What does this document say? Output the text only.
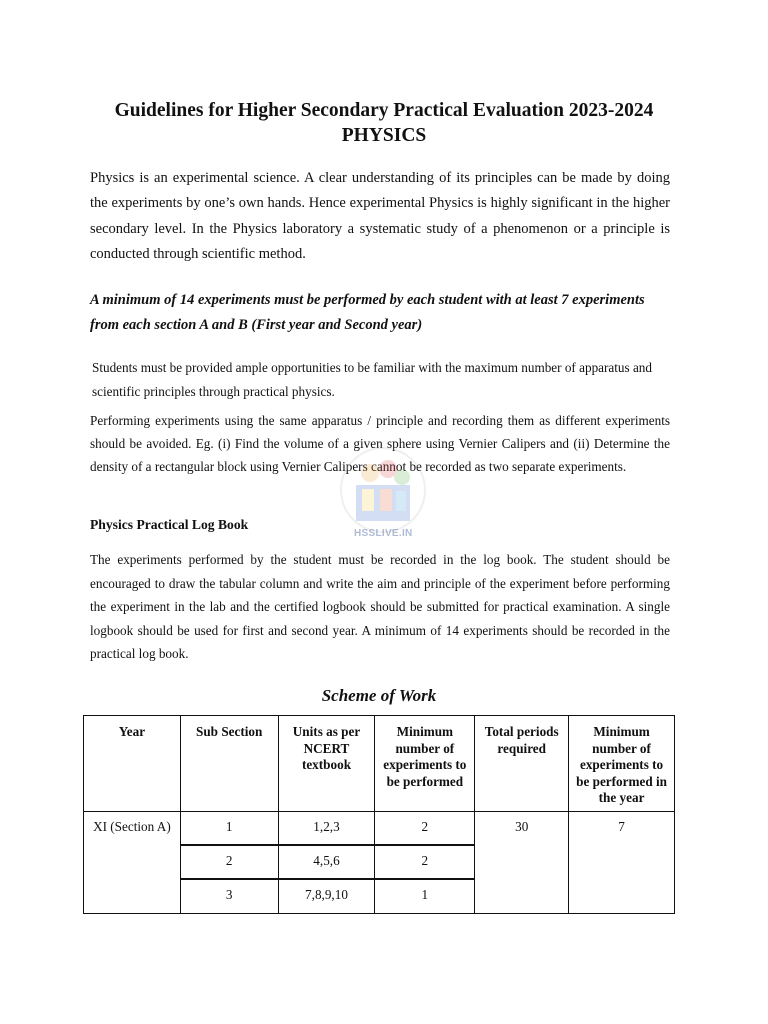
Guidelines for Higher Secondary Practical Evaluation 2023-2024
PHYSICS

Physics is an experimental science. A clear understanding of its principles can be made by doing the experiments by one’s own hands. Hence experimental Physics is highly significant in the higher secondary level. In the Physics laboratory a systematic study of a phenomenon or a principle is conducted through scientific method.

A minimum of 14 experiments must be performed by each student with at least 7 experiments from each section A and B (First year and Second year)

Students must be provided ample opportunities to be familiar with the maximum number of apparatus and scientific principles through practical physics.

Performing experiments using the same apparatus / principle and recording them as different experiments should be avoided. Eg. (i) Find the volume of a given sphere using Vernier Calipers and (ii) Determine the density of a rectangular block using Vernier Calipers cannot be recorded as two separate experiments.

Physics Practical Log Book

The experiments performed by the student must be recorded in the log book. The student should be encouraged to draw the tabular column and write the aim and principle of the experiment before performing the experiment in the lab and the certified logbook should be submitted for practical examination. A single logbook should be used for first and second year. A minimum of 14 experiments should be recorded in the practical log book.

HSSLIVE.IN

Scheme of Work

Year	Sub Section	Units as per NCERT textbook	Minimum number of experiments to be performed	Total periods required	Minimum number of experiments to be performed in the year
XI (Section A)	1	1,2,3	2	30	7
	2	4,5,6	2		
	3	7,8,9,10	1		
